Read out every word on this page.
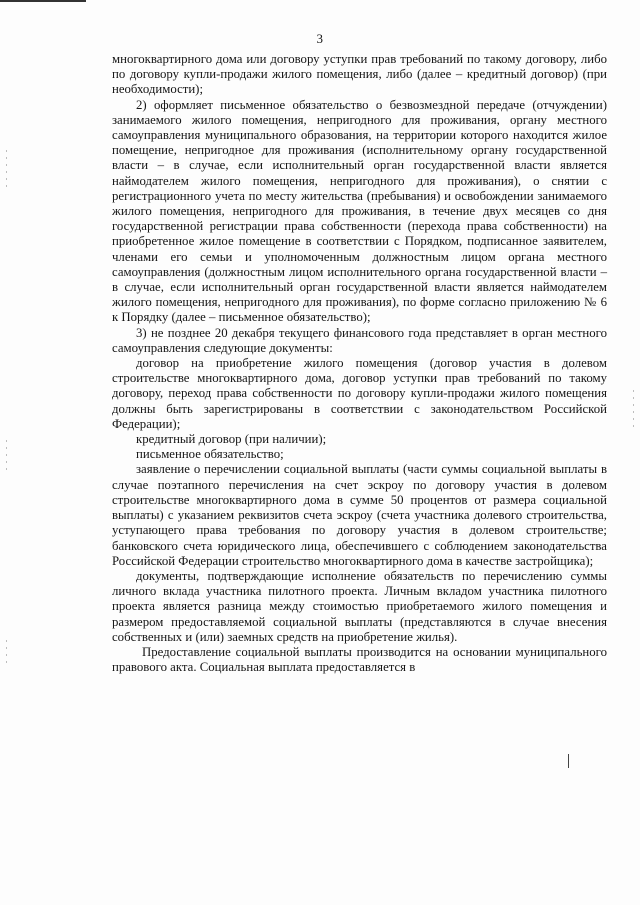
3

многоквартирного дома или договору уступки прав требований по такому договору, либо по договору купли-продажи жилого помещения, либо (далее – кредитный договор) (при необходимости);

2) оформляет письменное обязательство о безвозмездной передаче (отчуждении) занимаемого жилого помещения, непригодного для проживания, органу местного самоуправления муниципального образования, на территории которого находится жилое помещение, непригодное для проживания (исполнительному органу государственной власти – в случае, если исполнительный орган государственной власти является наймодателем жилого помещения, непригодного для проживания), о снятии с регистрационного учета по месту жительства (пребывания) и освобождении занимаемого жилого помещения, непригодного для проживания, в течение двух месяцев со дня государственной регистрации права собственности (перехода права собственности) на приобретенное жилое помещение в соответствии с Порядком, подписанное заявителем, членами его семьи и уполномоченным должностным лицом органа местного самоуправления (должностным лицом исполнительного органа государственной власти – в случае, если исполнительный орган государственной власти является наймодателем жилого помещения, непригодного для проживания), по форме согласно приложению № 6 к Порядку (далее – письменное обязательство);

3) не позднее 20 декабря текущего финансового года представляет в орган местного самоуправления следующие документы:

договор на приобретение жилого помещения (договор участия в долевом строительстве многоквартирного дома, договор уступки прав требований по такому договору, переход права собственности по договору купли-продажи жилого помещения должны быть зарегистрированы в соответствии с законодательством Российской Федерации);

кредитный договор (при наличии);

письменное обязательство;

заявление о перечислении социальной выплаты (части суммы социальной выплаты в случае поэтапного перечисления на счет эскроу по договору участия в долевом строительстве многоквартирного дома в сумме 50 процентов от размера социальной выплаты) с указанием реквизитов счета эскроу (счета участника долевого строительства, уступающего права требования по договору участия в долевом строительстве; банковского счета юридического лица, обеспечившего с соблюдением законодательства Российской Федерации строительство многоквартирного дома в качестве застройщика);

документы, подтверждающие исполнение обязательств по перечислению суммы личного вклада участника пилотного проекта. Личным вкладом участника пилотного проекта является разница между стоимостью приобретаемого жилого помещения и размером предоставляемой социальной выплаты (представляются в случае внесения собственных и (или) заемных средств на приобретение жилья).

Предоставление социальной выплаты производится на основании муниципального правового акта. Социальная выплата предоставляется в
